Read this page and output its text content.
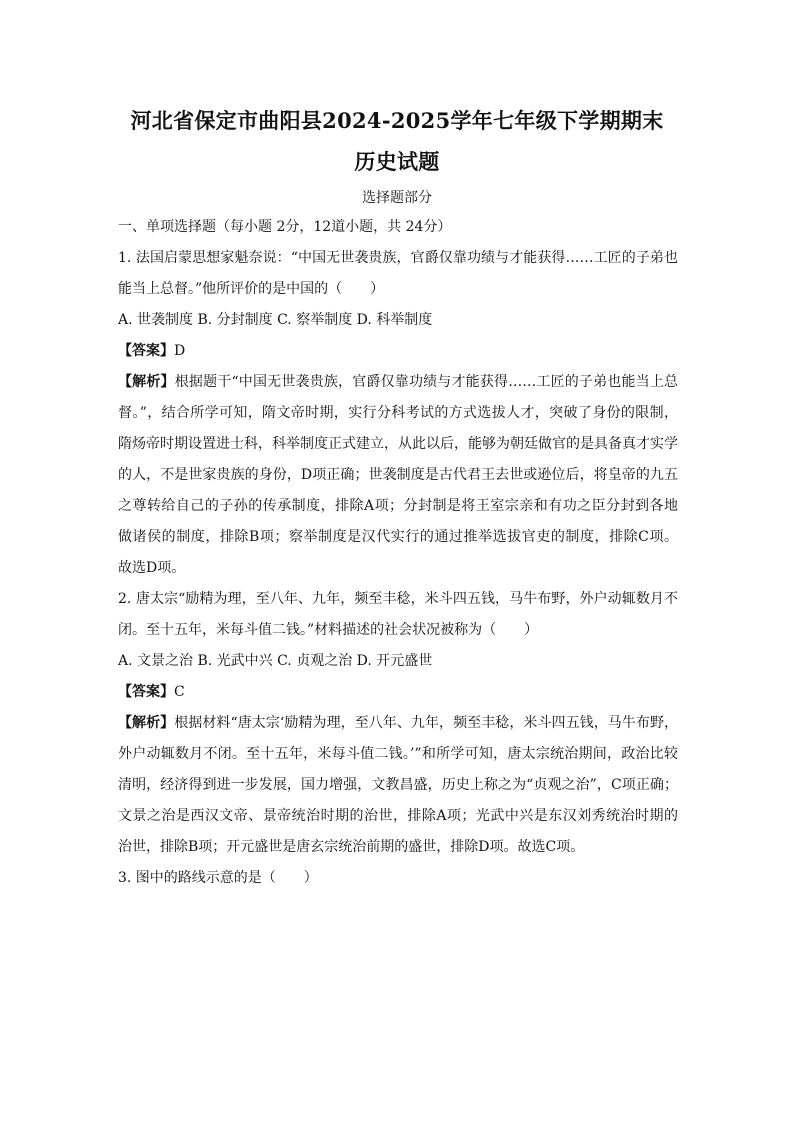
河北省保定市曲阳县2024-2025学年七年级下学期期末
历史试题
选择题部分
一、单项选择题（每小题 2分，12道小题，共 24分）
1. 法国启蒙思想家魁奈说：“中国无世袭贵族，官爵仅靠功绩与才能获得……工匠的子弟也
能当上总督。”他所评价的是中国的（　　）
A. 世袭制度 B. 分封制度 C. 察举制度 D. 科举制度
【答案】D
【解析】根据题干“中国无世袭贵族，官爵仅靠功绩与才能获得……工匠的子弟也能当上总
督。”，结合所学可知，隋文帝时期，实行分科考试的方式选拔人才，突破了身份的限制，
隋炀帝时期设置进士科，科举制度正式建立，从此以后，能够为朝廷做官的是具备真才实学
的人，不是世家贵族的身份，D项正确；世袭制度是古代君王去世或逊位后，将皇帝的九五
之尊转给自己的子孙的传承制度，排除A项；分封制是将王室宗亲和有功之臣分封到各地
做诸侯的制度，排除B项；察举制度是汉代实行的通过推举选拔官吏的制度，排除C项。
故选D项。
2. 唐太宗“励精为理，至八年、九年，频至丰稔，米斗四五钱，马牛布野，外户动辄数月不
闭。至十五年，米每斗值二钱。”材料描述的社会状况被称为（　　）
A. 文景之治 B. 光武中兴 C. 贞观之治 D. 开元盛世
【答案】C
【解析】根据材料“唐太宗‘励精为理，至八年、九年，频至丰稔，米斗四五钱，马牛布野，
外户动辄数月不闭。至十五年，米每斗值二钱。’”和所学可知，唐太宗统治期间，政治比较
清明，经济得到进一步发展，国力增强，文教昌盛，历史上称之为“贞观之治”，C项正确；
文景之治是西汉文帝、景帝统治时期的治世，排除A项；光武中兴是东汉刘秀统治时期的
治世，排除B项；开元盛世是唐玄宗统治前期的盛世，排除D项。故选C项。
3. 图中的路线示意的是（　　）
